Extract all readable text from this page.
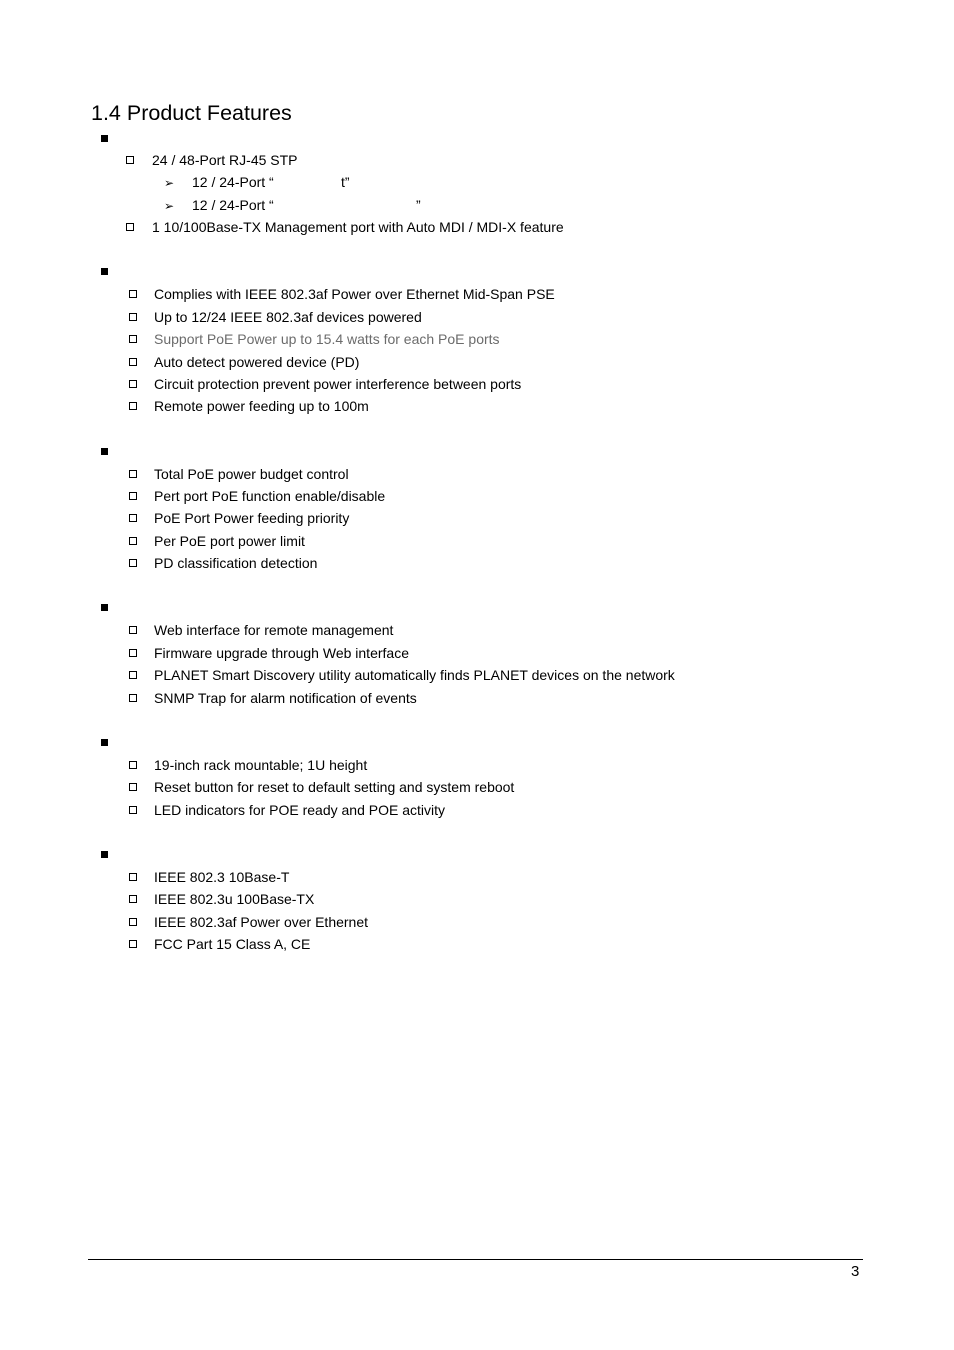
1.4 Product Features
24 / 48-Port RJ-45 STP
➢ 12 / 24-Port “	t”
➢ 12 / 24-Port “	”
1 10/100Base-TX Management port with Auto MDI / MDI-X feature
Complies with IEEE 802.3af Power over Ethernet Mid-Span PSE
Up to 12/24 IEEE 802.3af devices powered
Support PoE Power up to 15.4 watts for each PoE ports
Auto detect powered device (PD)
Circuit protection prevent power interference between ports
Remote power feeding up to 100m
Total PoE power budget control
Pert port PoE function enable/disable
PoE Port Power feeding priority
Per PoE port power limit
PD classification detection
Web interface for remote management
Firmware upgrade through Web interface
PLANET Smart Discovery utility automatically finds PLANET devices on the network
SNMP Trap for alarm notification of events
19-inch rack mountable; 1U height
Reset button for reset to default setting and system reboot
LED indicators for POE ready and POE activity
IEEE 802.3 10Base-T
IEEE 802.3u 100Base-TX
IEEE 802.3af Power over Ethernet
FCC Part 15 Class A, CE
3
